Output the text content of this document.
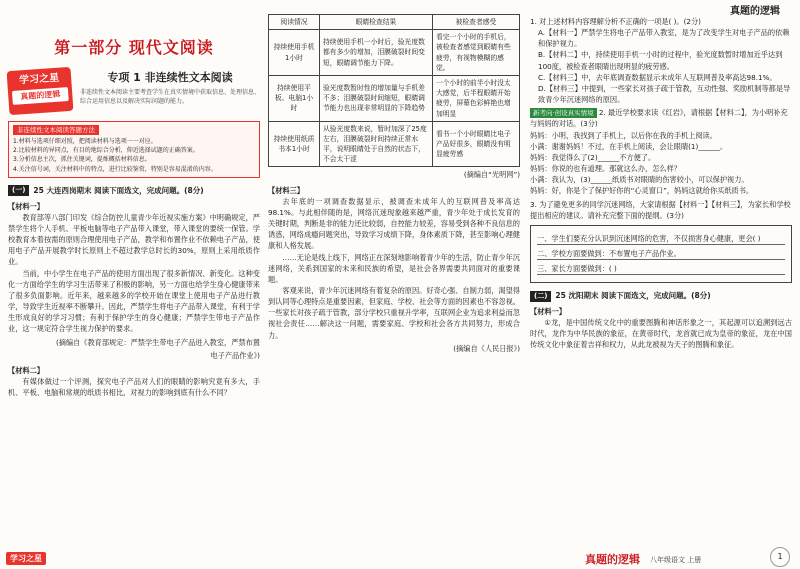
真题的逻辑
第一部分 现代文阅读
学习之星
真题的逻辑
专项 1 非连续性文本阅读
非连续性文本阅读主要考查学生在真实情境中获取信息、处理信息、综合运用信息以及解决实际问题的能力。
非连续性文本阅读答题方法
1.材料与选项仔细对照，把阅读材料与选项一一对应。
2.比较材料的异同点，有目的地综合分析，仰近选择试题的正确答案。
3.分析信息主次，抓住关键词，提炼概括材料信息。
4.关注信号词，关注材料中的特点，进行比较鉴赏，特别是容易混淆的内容。
(一)	25 大连西岗期末 阅读下面选文，完成问题。(8分)
【材料一】

教育部等八部门印发《综合防控儿童青少年近视实施方案》中明确规定，严禁学生将个人手机、平板电脑等电子产品带入课堂，带入课堂的要统一保管。学校教育本着按需的原则合理使用电子产品，教学和布置作业不依赖电子产品，使用电子产品开展教学时长原则上不超过教学总时长的30%，原则上采用纸质作业。

当前，中小学生在电子产品的使用方面出现了很多新情况、新变化。这种变化一方面给学生的学习生活带来了积极的影响，另一方面也给学生身心健康带来了很多负面影响。近年来，越来越多的学校开始在课堂上使用电子产品进行教学，导致学生近视率不断攀升。因此，严禁学生将电子产品带入课堂，有利于学生形成良好的学习习惯；有利于保护学生的身心健康；严禁学生带电子产品作业，这一规定符合学生视力保护的要求。

(摘编自《教育部规定：严禁学生带电子产品进入教室，严禁布置
电子产品作业》)
【材料二】

有媒体做过一个评测，探究电子产品对人们的眼睛的影响究竟有多大，手机、平板、电脑和常规的纸质书相比，对视力的影响到底有什么不同？

阅读情况	眼睛检查结果	被检查者感受
持续使用手机1小时	持续使用手机一小时后，验光度数都有多少的增加，泪膜破裂时间变短，眼睛调节能力下降。	看完一个小时的手机后，被检查者感觉到眼睛有些疲劳，有视物模糊的感觉。
持续使用平板、电脑1小时	验光度数暂时性的增加量与手机差不多；泪膜破裂时间缩短，眼睛调节能力也出现非常明显的下降趋势	一个小时的前半小时没太大感觉，后半程眼睛开始疲劳，屏幕色彩鲜艳也增加明显
持续使用纸质书本1小时	从验光度数来说，暂时加深了25度左右，泪膜破裂时间持续正常水平，说明眼睛处于自然的状态下，不会太干涩	看书一个小时眼睛比电子产品好很多，眼睛没有明显疲劳感
(摘编自“光明网”)
【材料三】

去年底的一项调查数据显示，被调查未成年人的互联网普及率高达98.1%。与此相伴随的是，网络沉迷现象越来越严重，青少年处于成长发育的关键时期，判断是非的能力还比较弱，自控能力较差，容易受到各种不良信息的诱惑，网络成瘾问题突出，导致学习成绩下降，身体素质下降，甚至影响心理健康和人格发展。

……无论是线上线下，网络正在深刻地影响着青少年的生活，防止青少年沉迷网络，关系到国家的未来和民族的希望，是社会各界需要共同面对的重要课题。

客观来说，青少年沉迷网络有着复杂的原因。好奇心强、自制力弱，渴望得到认同等心理特点是重要因素，但家庭、学校、社会等方面的因素也不容忽视。一些家长对孩子疏于管教，部分学校只重视升学率，互联网企业为追求利益而忽视社会责任……解决这一问题，需要家庭、学校和社会各方共同努力，形成合力。

(摘编自《人民日报》)
1. 对上述材料内容理解分析不正确的一项是( )。(2分)
A.【材料一】严禁学生将电子产品带入教室，是为了改变学生对电子产品的依赖和保护视力。
B.【材料二】中，持续使用手机一小时的过程中，验光度数暂时增加近乎达到100度，被检查者眼睛出现明显的疲劳感。
C.【材料三】中，去年底调查数据显示未成年人互联网普及率高达98.1%。
D.【材料三】中提到，一些家长对孩子疏于管教，互动性强、奖励机制等都是导致青少年沉迷网络的原因。
新考向·创设真实情境 2. 最近学校要求读《红岩》，请根据【材料二】，为小明补充与妈妈的对话。(3分)
妈妈：小明，我找到了手机上，以后你在我的手机上阅读。
小满：谢谢妈妈！不过，在手机上阅读，会让眼睛(1)______。
妈妈：我觉得么了(2)______不方便了。
妈妈：你说的也有道理。那就这么办，怎么样？
小满：我认为，(3)______纸质书对眼睛的伤害较小，可以保护视力。
妈妈：好，你是个了保护好你的“心灵窗口”，妈妈这就给你买纸质书。
3. 为了避免更多的同学沉迷网络，大家请根据【材料一】【材料三】，为家长和学校提出相应的建议。请补充完整下面的提纲。(3分)
一、学生们要充分认识到沉迷网络的危害，不仅损害身心健康，更会( )
二、学校方面要做到：不布置电子产品作业。
三、家长方面要做到：( )
(二)	25 沈阳期末 阅读下面选文，完成问题。(8分)
【材料一】

①龙，是中国传统文化中的重要图腾和神话形象之一，其起源可以追溯到远古时代，龙作为中华民族的象征，在黄帝时代，龙首就已成为皇帝的象征，龙在中国传统文化中象征着吉祥和权力，从此龙被视为天子的图腾和象征。

学习之星	真题的逻辑 八年级语文 上册	1
